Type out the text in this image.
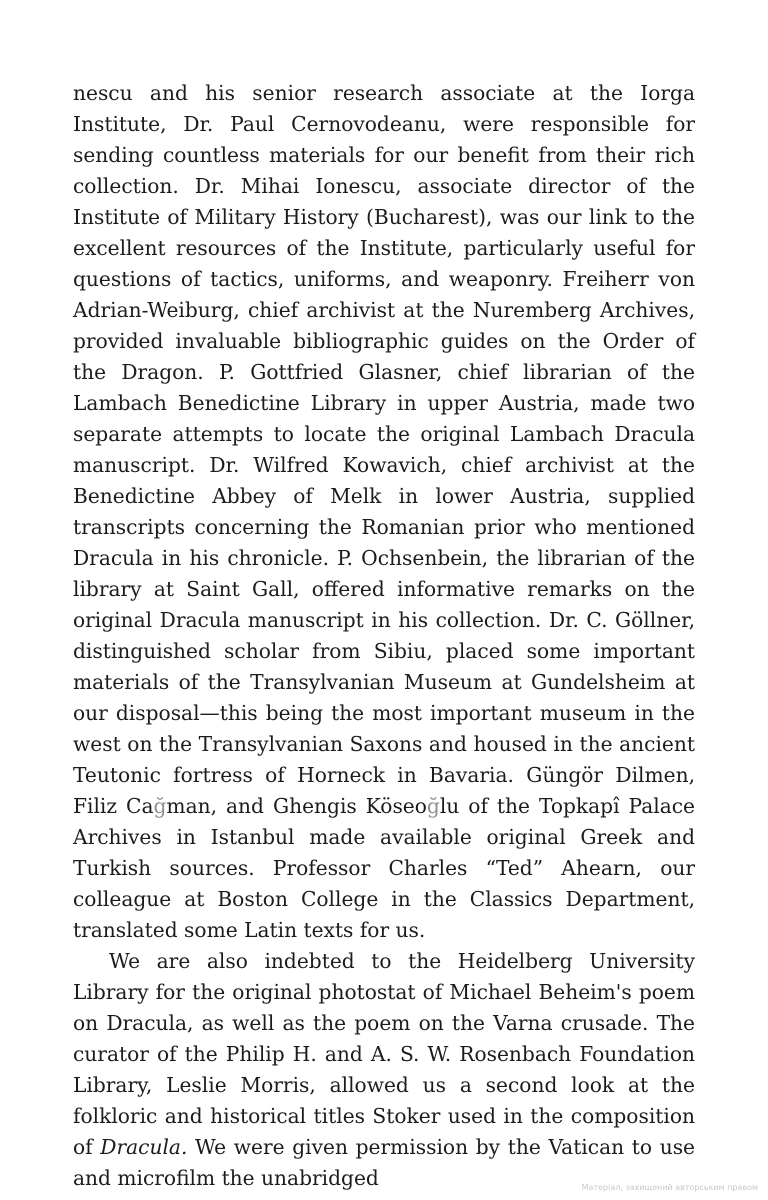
nescu and his senior research associate at the Iorga Institute, Dr. Paul Cernovodeanu, were responsible for sending countless materials for our benefit from their rich collection. Dr. Mihai Ionescu, associate director of the Institute of Military History (Bucharest), was our link to the excellent resources of the Institute, particularly useful for questions of tactics, uniforms, and weaponry. Freiherr von Adrian-Weiburg, chief archivist at the Nuremberg Archives, provided invaluable bibliographic guides on the Order of the Dragon. P. Gottfried Glasner, chief librarian of the Lambach Benedictine Library in upper Austria, made two separate attempts to locate the original Lambach Dracula manuscript. Dr. Wilfred Kowavich, chief archivist at the Benedictine Abbey of Melk in lower Austria, supplied transcripts concerning the Romanian prior who mentioned Dracula in his chronicle. P. Ochsenbein, the librarian of the library at Saint Gall, offered informative remarks on the original Dracula manuscript in his collection. Dr. C. Göllner, distinguished scholar from Sibiu, placed some important materials of the Transylvanian Museum at Gundelsheim at our disposal—this being the most important museum in the west on the Transylvanian Saxons and housed in the ancient Teutonic fortress of Horneck in Bavaria. Güngör Dilmen, Filiz Cağman, and Ghengis Köseoğlu of the Topkapî Palace Archives in Istanbul made available original Greek and Turkish sources. Professor Charles “Ted” Ahearn, our colleague at Boston College in the Classics Department, translated some Latin texts for us.

We are also indebted to the Heidelberg University Library for the original photostat of Michael Beheim's poem on Dracula, as well as the poem on the Varna crusade. The curator of the Philip H. and A. S. W. Rosenbach Foundation Library, Leslie Morris, allowed us a second look at the folkloric and historical titles Stoker used in the composition of Dracula. We were given permission by the Vatican to use and microfilm the unabridged	Матеріал, захищений авторським правом
